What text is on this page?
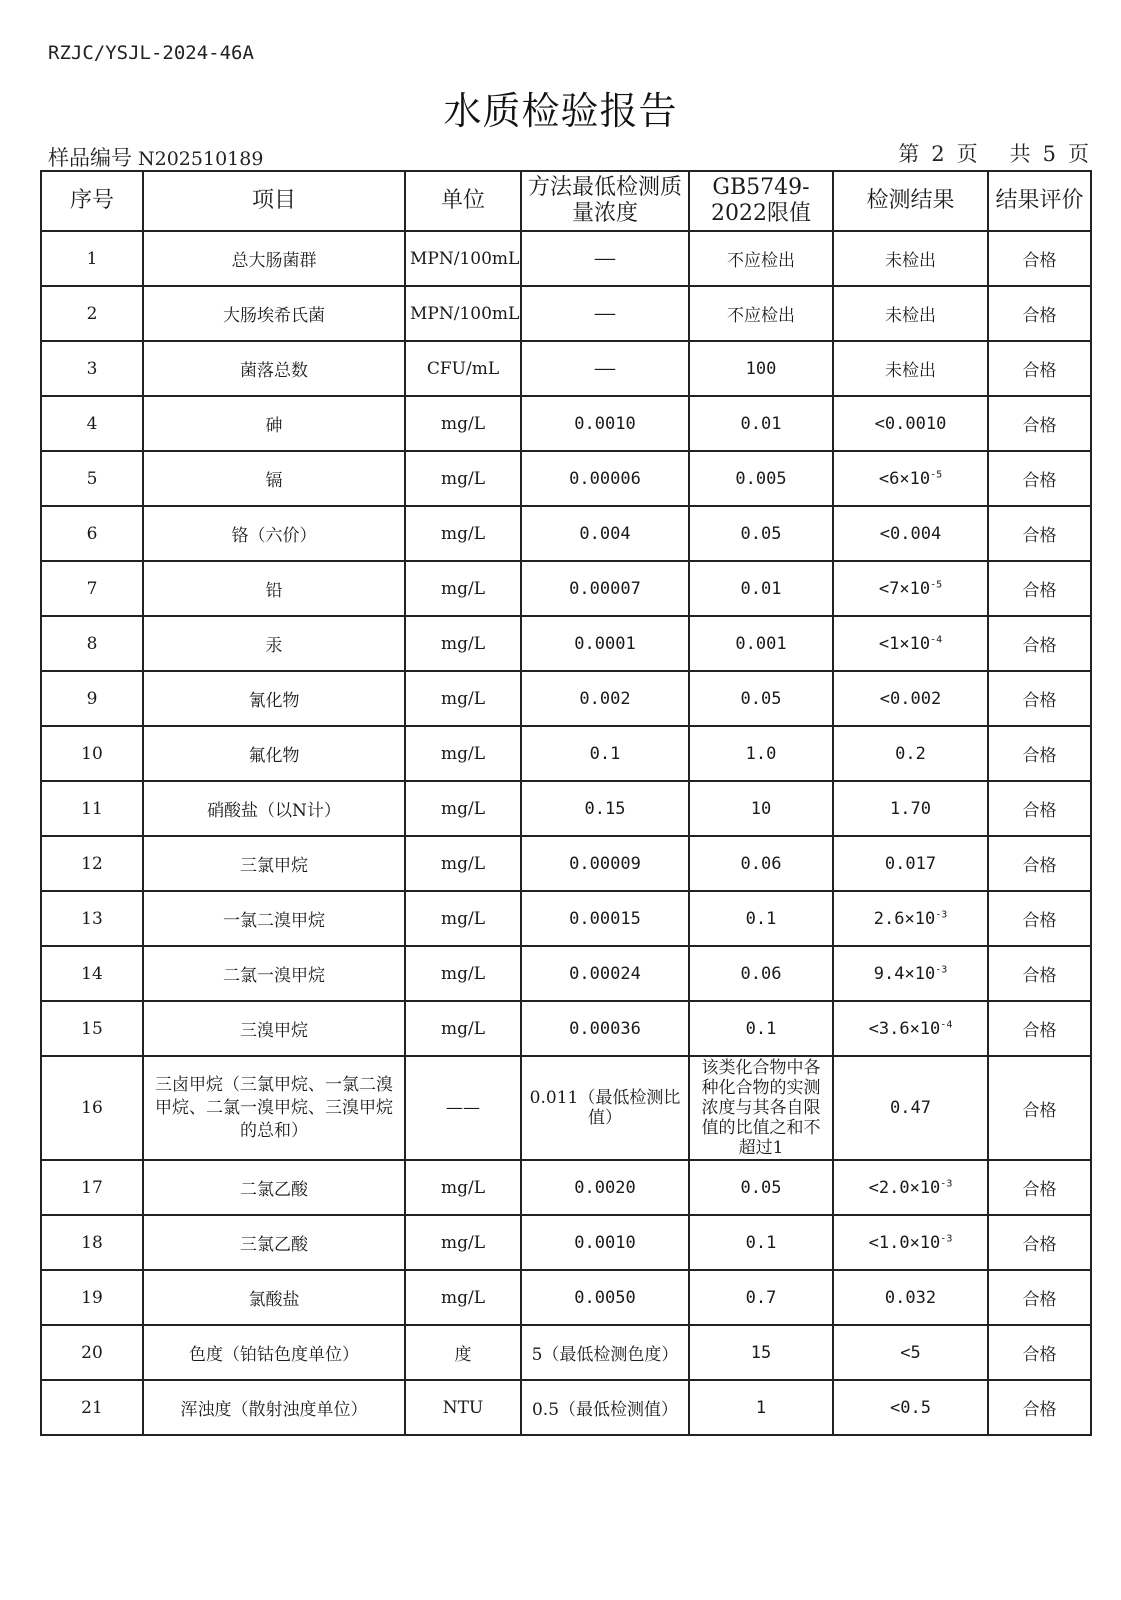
RZJC/YSJL-2024-46A
水质检验报告
样品编号 N202510189	第 2 页 共 5 页
序号	项目	单位	方法最低检测质量浓度	GB5749-2022限值	检测结果	结果评价
1	总大肠菌群	MPN/100mL	——	不应检出	未检出	合格
2	大肠埃希氏菌	MPN/100mL	——	不应检出	未检出	合格
3	菌落总数	CFU/mL	——	100	未检出	合格
4	砷	mg/L	0.0010	0.01	<0.0010	合格
5	镉	mg/L	0.00006	0.005	$<6\times 10^{-5}$	合格
6	铬（六价）	mg/L	0.004	0.05	<0.004	合格
7	铅	mg/L	0.00007	0.01	$<7\times 10^{-5}$	合格
8	汞	mg/L	0.0001	0.001	$<1\times 10^{-4}$	合格
9	氰化物	mg/L	0.002	0.05	<0.002	合格
10	氟化物	mg/L	0.1	1.0	0.2	合格
11	硝酸盐（以N计）	mg/L	0.15	10	1.70	合格
12	三氯甲烷	mg/L	0.00009	0.06	0.017	合格
13	一氯二溴甲烷	mg/L	0.00015	0.1	$2.6\times 10^{-3}$	合格
14	二氯一溴甲烷	mg/L	0.00024	0.06	$9.4\times 10^{-3}$	合格
15	三溴甲烷	mg/L	0.00036	0.1	$<3.6\times 10^{-4}$	合格
16	三卤甲烷（三氯甲烷、一氯二溴甲烷、二氯一溴甲烷、三溴甲烷的总和）	——	0.011（最低检测比值）	该类化合物中各种化合物的实测浓度与其各自限值的比值之和不超过1	0.47	合格
17	二氯乙酸	mg/L	0.0020	0.05	$<2.0\times 10^{-3}$	合格
18	三氯乙酸	mg/L	0.0010	0.1	$<1.0\times 10^{-3}$	合格
19	氯酸盐	mg/L	0.0050	0.7	0.032	合格
20	色度（铂钴色度单位）	度	5（最低检测色度）	15	<5	合格
21	浑浊度（散射浊度单位）	NTU	0.5（最低检测值）	1	<0.5	合格
